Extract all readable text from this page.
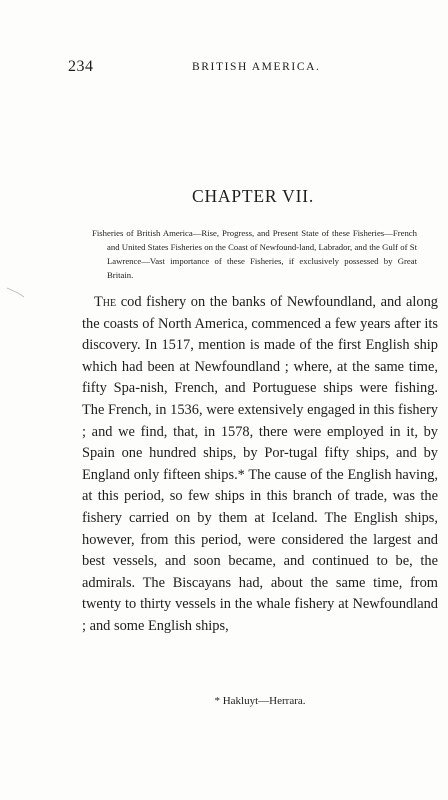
234	BRITISH AMERICA.
CHAPTER VII.

Fisheries of British America—Rise, Progress, and Present State of these Fisheries—French and United States Fisheries on the Coast of Newfound-land, Labrador, and the Gulf of St Lawrence—Vast importance of these Fisheries, if exclusively possessed by Great Britain.

The cod fishery on the banks of Newfoundland, and along the coasts of North America, commenced a few years after its discovery. In 1517, mention is made of the first English ship which had been at Newfoundland ; where, at the same time, fifty Spa-nish, French, and Portuguese ships were fishing. The French, in 1536, were extensively engaged in this fishery ; and we find, that, in 1578, there were employed in it, by Spain one hundred ships, by Por-tugal fifty ships, and by England only fifteen ships.* The cause of the English having, at this period, so few ships in this branch of trade, was the fishery carried on by them at Iceland. The English ships, however, from this period, were considered the largest and best vessels, and soon became, and continued to be, the admirals. The Biscayans had, about the same time, from twenty to thirty vessels in the whale fishery at Newfoundland ; and some English ships,

* Hakluyt—Herrara.
